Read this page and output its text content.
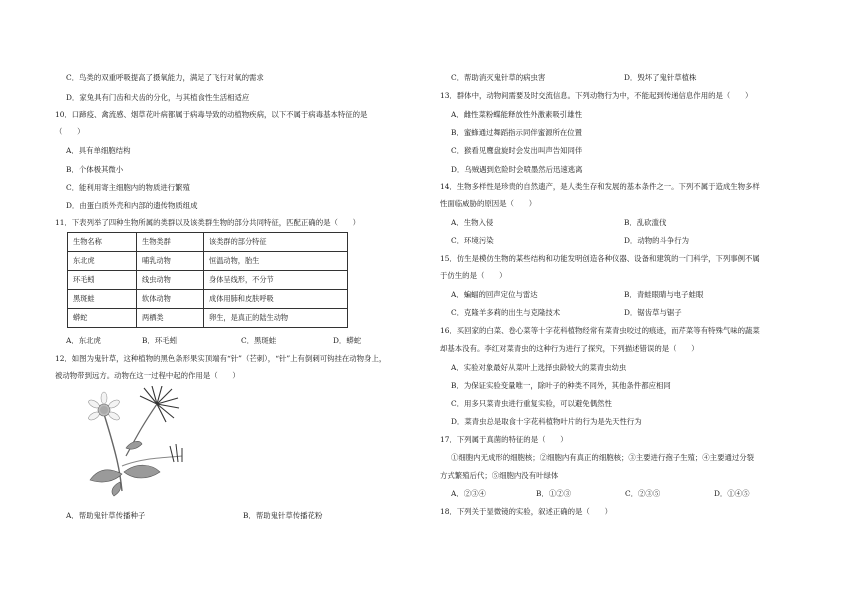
C．鸟类的双重呼吸提高了摄氧能力，满足了飞行对氧的需求
D．家兔具有门齿和犬齿的分化，与其植食性生活相适应
10．口蹄疫、禽流感、烟草花叶病都属于病毒导致的动植物疾病，以下不属于病毒基本特征的是
（　　）
A．具有单细胞结构
B．个体极其微小
C．能利用寄主细胞内的物质进行繁殖
D．由蛋白质外壳和内部的遗传物质组成
11．下表列举了四种生物所属的类群以及该类群生物的部分共同特征，匹配正确的是（　　）
生物名称	生物类群	该类群的部分特征
东北虎	哺乳动物	恒温动物，胎生
环毛蚓	线虫动物	身体呈线形，不分节
黑斑蛙	软体动物	成体用肺和皮肤呼吸
蟒蛇	两栖类	卵生，是真正的陆生动物
A．东北虎	B．环毛蚓	C．黑斑蛙	D．蟒蛇
12．如图为鬼针草，这种植物的黑色条形果实顶端有“针”（芒刺），“针”上有倒刺可钩挂在动物身上，
被动物带到远方。动物在这一过程中起的作用是（　　）
A．帮助鬼针草传播种子	B．帮助鬼针草传播花粉
C．帮助消灭鬼针草的病虫害	D．毁坏了鬼针草植株
13．群体中，动物间需要及时交流信息。下列动物行为中，不能起到传递信息作用的是（　　）
A．雌性菜粉蝶能释放性外激素吸引雄性
B．蜜蜂通过舞蹈指示同伴蜜源所在位置
C．猴看见鹰盘旋时会发出叫声告知同伴
D．乌贼遇到危险时会喷墨然后迅速逃离
14．生物多样性是珍贵的自然遗产，是人类生存和发展的基本条件之一。下列不属于造成生物多样
性面临威胁的原因是（　　）
A．生物入侵	B．乱砍滥伐
C．环境污染	D．动物的斗争行为
15．仿生是模仿生物的某些结构和功能发明创造各种仪器、设备和建筑的一门科学，下列事例不属
于仿生的是（　　）
A．蝙蝠的回声定位与雷达	B．青蛙眼睛与电子蛙眼
C．克隆羊多莉的出生与克隆技术	D．锯齿草与锯子
16．买回家的白菜、卷心菜等十字花科植物经常有菜青虫咬过的痕迹，而芹菜等有特殊气味的蔬菜
却基本没有。李红对菜青虫的这种行为进行了探究，下列描述错误的是（　　）
A．实验对象最好从菜叶上选择虫龄较大的菜青虫幼虫
B．为保证实验变量唯一，除叶子的种类不同外，其他条件都应相同
C．用多只菜青虫进行重复实验，可以避免偶然性
D．菜青虫总是取食十字花科植物叶片的行为是先天性行为
17．下列属于真菌的特征的是（　　）
①细胞内无成形的细胞核；②细胞内有真正的细胞核；③主要进行孢子生殖；④主要通过分裂
方式繁殖后代；⑤细胞内没有叶绿体
A．②③④	B．①②③	C．②③⑤	D．①④⑤
18．下列关于显微镜的实验，叙述正确的是（　　）
